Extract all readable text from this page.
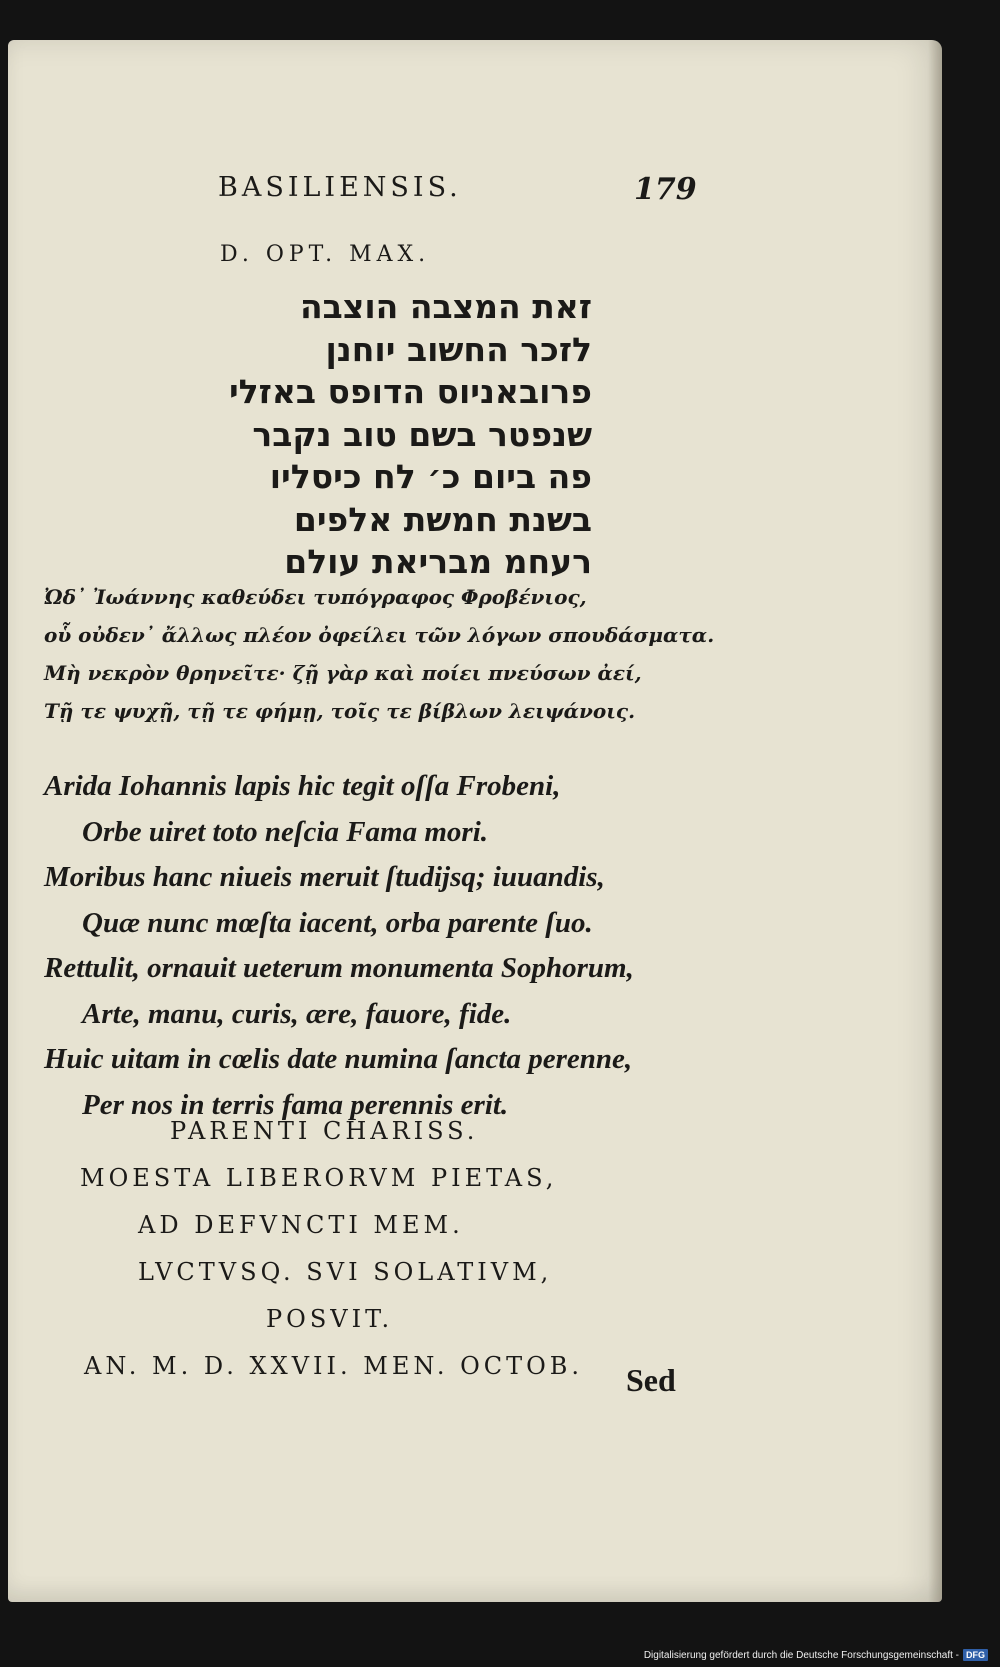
BASILIENSIS.	179
D. OPT. MAX.
זאת המצבה הוצבה
לזכר החשוב יוחנן
פרובאניוס הדופס באזלי
שנפטר בשם טוב נקבר
פה ביום כ׳ לח כיסליו
בשנת חמשת אלפים
רעחמ מבריאת עולם
Ὠδ᾽ Ἰωάννης καθεύδει τυπόγραφος Φροβένιος,
οὗ οὐδεν᾽ ἄλλως πλέον ὀφείλει τῶν λόγων σπουδάσματα.
Μὴ νεκρὸν θρηνεῖτε· ζῇ γὰρ καὶ ποίει πνεύσων ἀεί,
Τῇ τε ψυχῇ, τῇ τε φήμῃ, τοῖς τε βίβλων λειψάνοις.
Arida Iohannis lapis hic tegit oſſa Frobeni,
Orbe uiret toto neſcia Fama mori.
Moribus hanc niueis meruit ſtudijsq; iuuandis,
Quæ nunc mœſta iacent, orba parente ſuo.
Rettulit, ornauit ueterum monumenta Sophorum,
Arte, manu, curis, ære, fauore, fide.
Huic uitam in cœlis date numina ſancta perenne,
Per nos in terris fama perennis erit.
PARENTI CHARISS.
MOESTA LIBERORVM PIETAS,
AD DEFVNCTI MEM.
LVCTVSQ. SVI SOLATIVM,
POSVIT.
AN. M. D. XXVII. MEN. OCTOB.	Sed
Digitalisierung gefördert durch die Deutsche Forschungsgemeinschaft - DFG
